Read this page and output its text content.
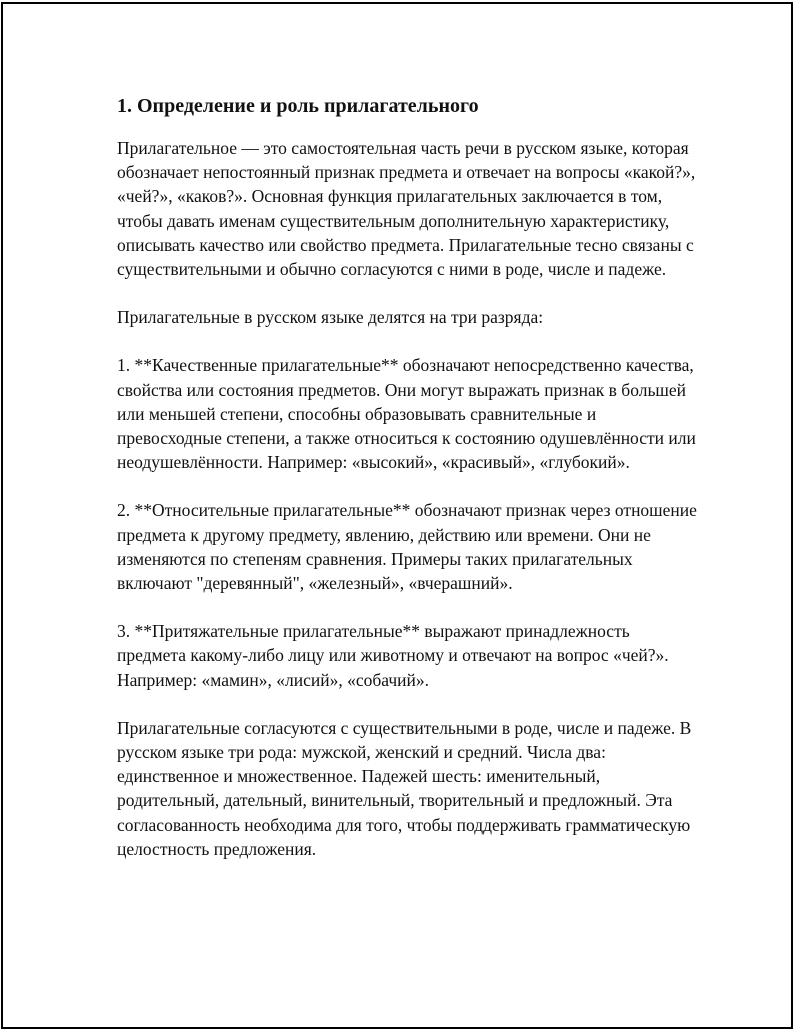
1. Определение и роль прилагательного

Прилагательное — это самостоятельная часть речи в русском языке, которая обозначает непостоянный признак предмета и отвечает на вопросы «какой?», «чей?», «каков?». Основная функция прилагательных заключается в том, чтобы давать именам существительным дополнительную характеристику, описывать качество или свойство предмета. Прилагательные тесно связаны с существительными и обычно согласуются с ними в роде, числе и падеже.

Прилагательные в русском языке делятся на три разряда:

1. **Качественные прилагательные** обозначают непосредственно качества, свойства или состояния предметов. Они могут выражать признак в большей или меньшей степени, способны образовывать сравнительные и превосходные степени, а также относиться к состоянию одушевлённости или неодушевлённости. Например: «высокий», «красивый», «глубокий».

2. **Относительные прилагательные** обозначают признак через отношение предмета к другому предмету, явлению, действию или времени. Они не изменяются по степеням сравнения. Примеры таких прилагательных включают "деревянный", «железный», «вчерашний».

3. **Притяжательные прилагательные** выражают принадлежность предмета какому-либо лицу или животному и отвечают на вопрос «чей?». Например: «мамин», «лисий», «собачий».

Прилагательные согласуются с существительными в роде, числе и падеже. В русском языке три рода: мужской, женский и средний. Числа два: единственное и множественное. Падежей шесть: именительный, родительный, дательный, винительный, творительный и предложный. Эта согласованность необходима для того, чтобы поддерживать грамматическую целостность предложения.
